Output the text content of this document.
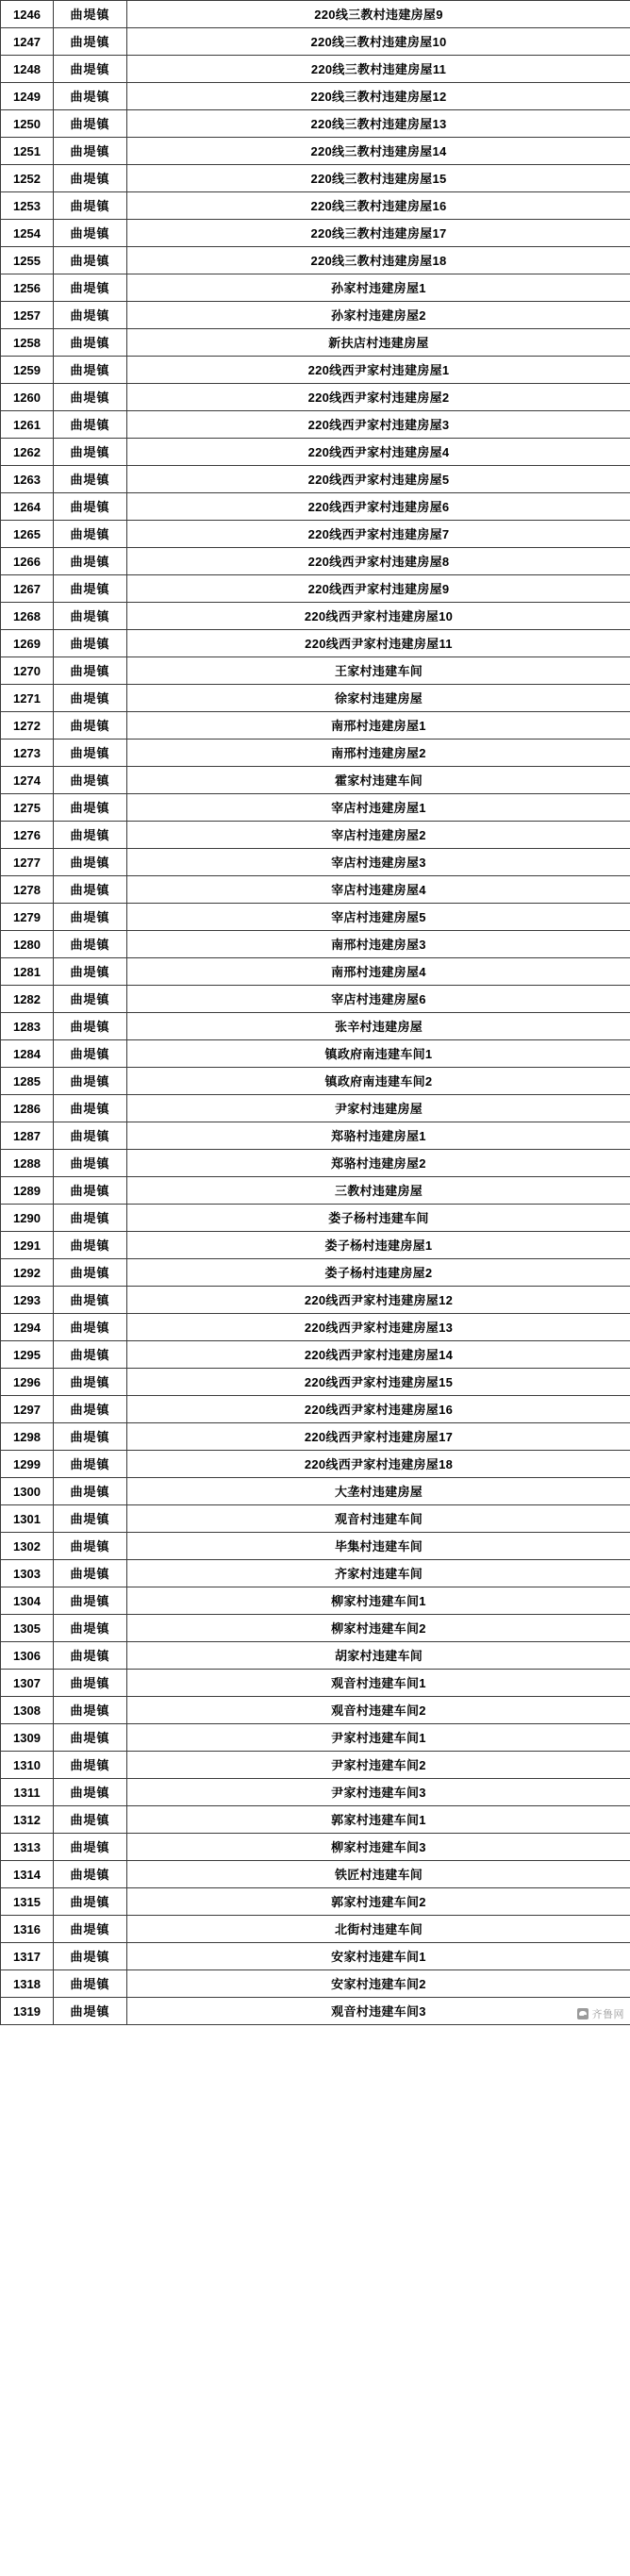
1246	曲堤镇	220线三教村违建房屋9
1247	曲堤镇	220线三教村违建房屋10
1248	曲堤镇	220线三教村违建房屋11
1249	曲堤镇	220线三教村违建房屋12
1250	曲堤镇	220线三教村违建房屋13
1251	曲堤镇	220线三教村违建房屋14
1252	曲堤镇	220线三教村违建房屋15
1253	曲堤镇	220线三教村违建房屋16
1254	曲堤镇	220线三教村违建房屋17
1255	曲堤镇	220线三教村违建房屋18
1256	曲堤镇	孙家村违建房屋1
1257	曲堤镇	孙家村违建房屋2
1258	曲堤镇	新扶店村违建房屋
1259	曲堤镇	220线西尹家村违建房屋1
1260	曲堤镇	220线西尹家村违建房屋2
1261	曲堤镇	220线西尹家村违建房屋3
1262	曲堤镇	220线西尹家村违建房屋4
1263	曲堤镇	220线西尹家村违建房屋5
1264	曲堤镇	220线西尹家村违建房屋6
1265	曲堤镇	220线西尹家村违建房屋7
1266	曲堤镇	220线西尹家村违建房屋8
1267	曲堤镇	220线西尹家村违建房屋9
1268	曲堤镇	220线西尹家村违建房屋10
1269	曲堤镇	220线西尹家村违建房屋11
1270	曲堤镇	王家村违建车间
1271	曲堤镇	徐家村违建房屋
1272	曲堤镇	南邢村违建房屋1
1273	曲堤镇	南邢村违建房屋2
1274	曲堤镇	霍家村违建车间
1275	曲堤镇	宰店村违建房屋1
1276	曲堤镇	宰店村违建房屋2
1277	曲堤镇	宰店村违建房屋3
1278	曲堤镇	宰店村违建房屋4
1279	曲堤镇	宰店村违建房屋5
1280	曲堤镇	南邢村违建房屋3
1281	曲堤镇	南邢村违建房屋4
1282	曲堤镇	宰店村违建房屋6
1283	曲堤镇	张辛村违建房屋
1284	曲堤镇	镇政府南违建车间1
1285	曲堤镇	镇政府南违建车间2
1286	曲堤镇	尹家村违建房屋
1287	曲堤镇	郑骆村违建房屋1
1288	曲堤镇	郑骆村违建房屋2
1289	曲堤镇	三教村违建房屋
1290	曲堤镇	娄子杨村违建车间
1291	曲堤镇	娄子杨村违建房屋1
1292	曲堤镇	娄子杨村违建房屋2
1293	曲堤镇	220线西尹家村违建房屋12
1294	曲堤镇	220线西尹家村违建房屋13
1295	曲堤镇	220线西尹家村违建房屋14
1296	曲堤镇	220线西尹家村违建房屋15
1297	曲堤镇	220线西尹家村违建房屋16
1298	曲堤镇	220线西尹家村违建房屋17
1299	曲堤镇	220线西尹家村违建房屋18
1300	曲堤镇	大垄村违建房屋
1301	曲堤镇	观音村违建车间
1302	曲堤镇	毕集村违建车间
1303	曲堤镇	齐家村违建车间
1304	曲堤镇	柳家村违建车间1
1305	曲堤镇	柳家村违建车间2
1306	曲堤镇	胡家村违建车间
1307	曲堤镇	观音村违建车间1
1308	曲堤镇	观音村违建车间2
1309	曲堤镇	尹家村违建车间1
1310	曲堤镇	尹家村违建车间2
1311	曲堤镇	尹家村违建车间3
1312	曲堤镇	郭家村违建车间1
1313	曲堤镇	柳家村违建车间3
1314	曲堤镇	铁匠村违建车间
1315	曲堤镇	郭家村违建车间2
1316	曲堤镇	北街村违建车间
1317	曲堤镇	安家村违建车间1
1318	曲堤镇	安家村违建车间2
1319	曲堤镇	观音村违建车间3	齐鲁网
